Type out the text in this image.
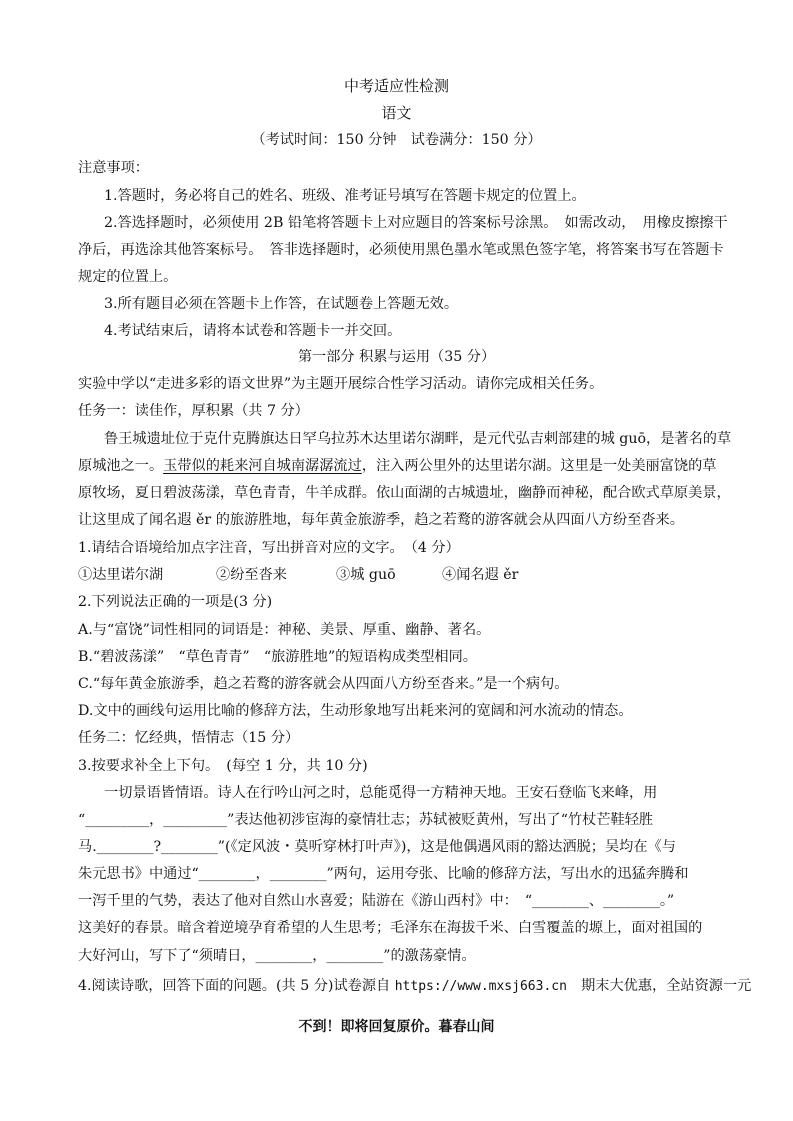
中考适应性检测
语文
（考试时间：150 分钟　试卷满分：150 分）
注意事项：
1.答题时，务必将自己的姓名、班级、准考证号填写在答题卡规定的位置上。
2.答选择题时，必须使用 2B 铅笔将答题卡上对应题目的答案标号涂黑。　如需改动，　用橡皮擦擦干
净后，再选涂其他答案标号。　答非选择题时，必须使用黑色墨水笔或黑色签字笔，将答案书写在答题卡
规定的位置上。
3.所有题目必须在答题卡上作答，在试题卷上答题无效。
4.考试结束后，请将本试卷和答题卡一并交回。
第一部分 积累与运用（35 分）
实验中学以“走进多彩的语文世界”为主题开展综合性学习活动。请你完成相关任务。
任务一：读佳作，厚积累（共 7 分）
鲁王城遗址位于克什克腾旗达日罕乌拉苏木达里诺尔湖畔，是元代弘吉剌部建的城 guō，是著名的草
原城池之一。玉带似的耗来河自城南潺潺流过，注入两公里外的达里诺尔湖。这里是一处美丽富饶的草
原牧场，夏日碧波荡漾，草色青青，牛羊成群。依山面湖的古城遗址，幽静而神秘，配合欧式草原美景，
让这里成了闻名遐 ěr 的旅游胜地，每年黄金旅游季，趋之若鹜的游客就会从四面八方纷至沓来。
1.请结合语境给加点字注音，写出拼音对应的文字。　（4 分）
①达里诺尔湖	②纷至沓来	③城 guō	④闻名遐 ěr
2.下列说法正确的一项是(3 分)
A.与“富饶”词性相同的词语是：神秘、美景、厚重、幽静、著名。
B.“碧波荡漾”　“草色青青”　“旅游胜地”的短语构成类型相同。
C.“每年黄金旅游季，趋之若鹜的游客就会从四面八方纷至沓来。”是一个病句。
D.文中的画线句运用比喻的修辞方法，生动形象地写出耗来河的宽阔和河水流动的情态。
任务二：忆经典，悟情志（15 分）
3.按要求补全上下句。　(每空 1 分，共 10 分)
一切景语皆情语。诗人在行吟山河之时，总能觅得一方精神天地。王安石登临飞来峰，用
“_________，_________”表达他初涉宦海的豪情壮志；苏轼被贬黄州，写出了“竹杖芒鞋轻胜
马.________?________”(《定风波・莫听穿林打叶声》)，这是他偶遇风雨的豁达洒脱；吴均在《与
朱元思书》中通过“________，________”两句，运用夸张、比喻的修辞方法，写出水的迅猛奔腾和
一泻千里的气势，表达了他对自然山水喜爱；陆游在《游山西村》中：　“________、________。”
这美好的春景。暗含着逆境孕育希望的人生思考；毛泽东在海拔千米、白雪覆盖的塬上，面对祖国的
大好河山，写下了“须晴日，________，________”的激荡豪情。
4.阅读诗歌，回答下面的问题。(共 5 分)试卷源自 https://www.mxsj663.cn　期末大优惠，全站资源一元
不到！即将回复原价。暮春山间
